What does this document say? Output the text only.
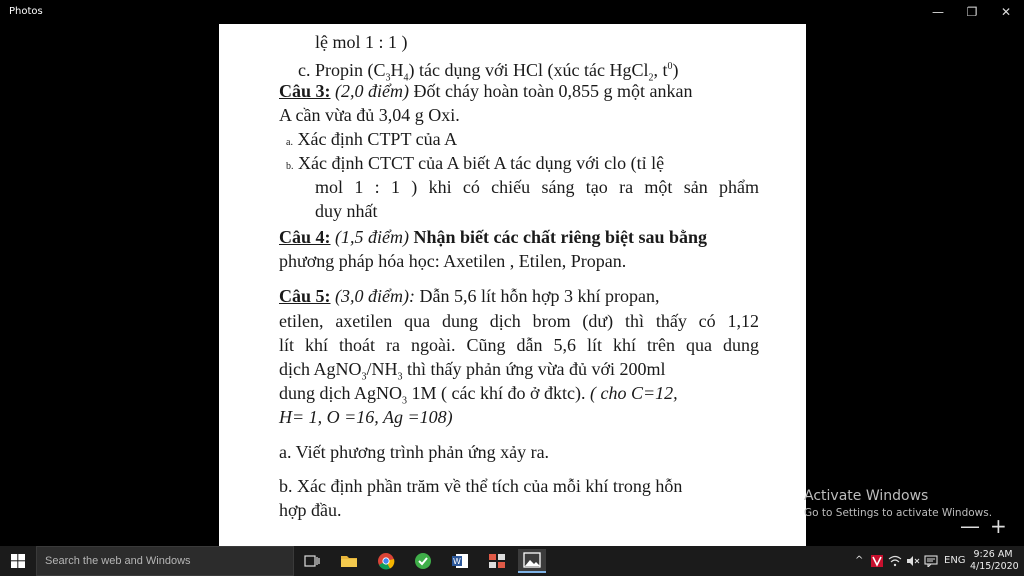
Photos	—	❐	✕
lệ mol 1 : 1 )
c. Propin $(C_3H_4)$ tác dụng với HCl (xúc tác HgCl$_2$, $t^0$)
Câu 3: (2,0 điểm) Đốt cháy hoàn toàn 0,855 g một ankan
A cần vừa đủ 3,04 g Oxi.
a. Xác định CTPT của A
b. Xác định CTCT của A biết A tác dụng với clo (tỉ lệ
mol 1 : 1 ) khi có chiếu sáng tạo ra một sản phẩm
duy nhất
Câu 4: (1,5 điểm) Nhận biết các chất riêng biệt sau bằng
phương pháp hóa học: Axetilen , Etilen, Propan.
Câu 5: (3,0 điểm): Dẫn 5,6 lít hỗn hợp 3 khí propan,
etilen, axetilen qua dung dịch brom (dư) thì thấy có 1,12
lít khí thoát ra ngoài. Cũng dẫn 5,6 lít khí trên qua dung
dịch $AgNO_3/NH_3$ thì thấy phản ứng vừa đủ với 200ml
dung dịch AgNO$_3$ 1M ( các khí đo ở đktc). ( cho C=12,
H= 1, O =16, Ag =108)
a. Viết phương trình phản ứng xảy ra.
b. Xác định phần trăm về thể tích của mỗi khí trong hỗn
hợp đầu.
Activate Windows
Go to Settings to activate Windows.
— +
Search the web and Windows	W	^	ENG
9:26 AM
4/15/2020
